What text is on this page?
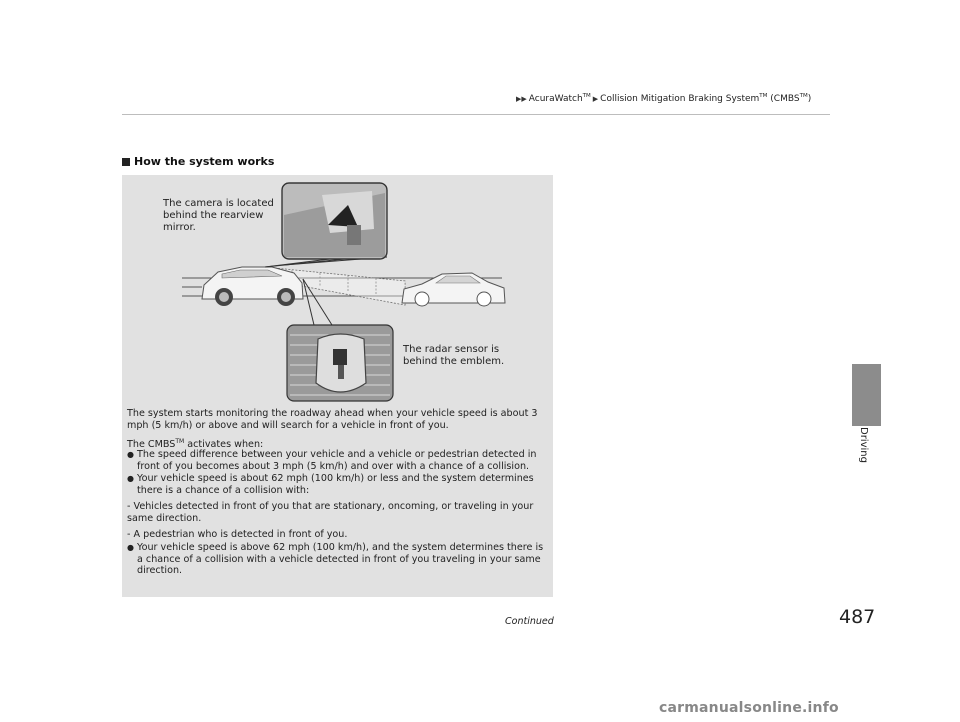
▶▶ AcuraWatch™ ▶ Collision Mitigation Braking System™ (CMBS™)
How the system works
The camera is located behind the rearview mirror.
The radar sensor is behind the emblem.
The system starts monitoring the roadway ahead when your vehicle speed is about 3 mph (5 km/h) or above and will search for a vehicle in front of you.
The CMBS™ activates when:
● The speed difference between your vehicle and a vehicle or pedestrian detected in front of you becomes about 3 mph (5 km/h) and over with a chance of a collision.
● Your vehicle speed is about 62 mph (100 km/h) or less and the system determines there is a chance of a collision with:
- Vehicles detected in front of you that are stationary, oncoming, or traveling in your same direction.
- A pedestrian who is detected in front of you.
● Your vehicle speed is above 62 mph (100 km/h), and the system determines there is a chance of a collision with a vehicle detected in front of you traveling in your same direction.
Continued	487
Driving
carmanualsonline.info
